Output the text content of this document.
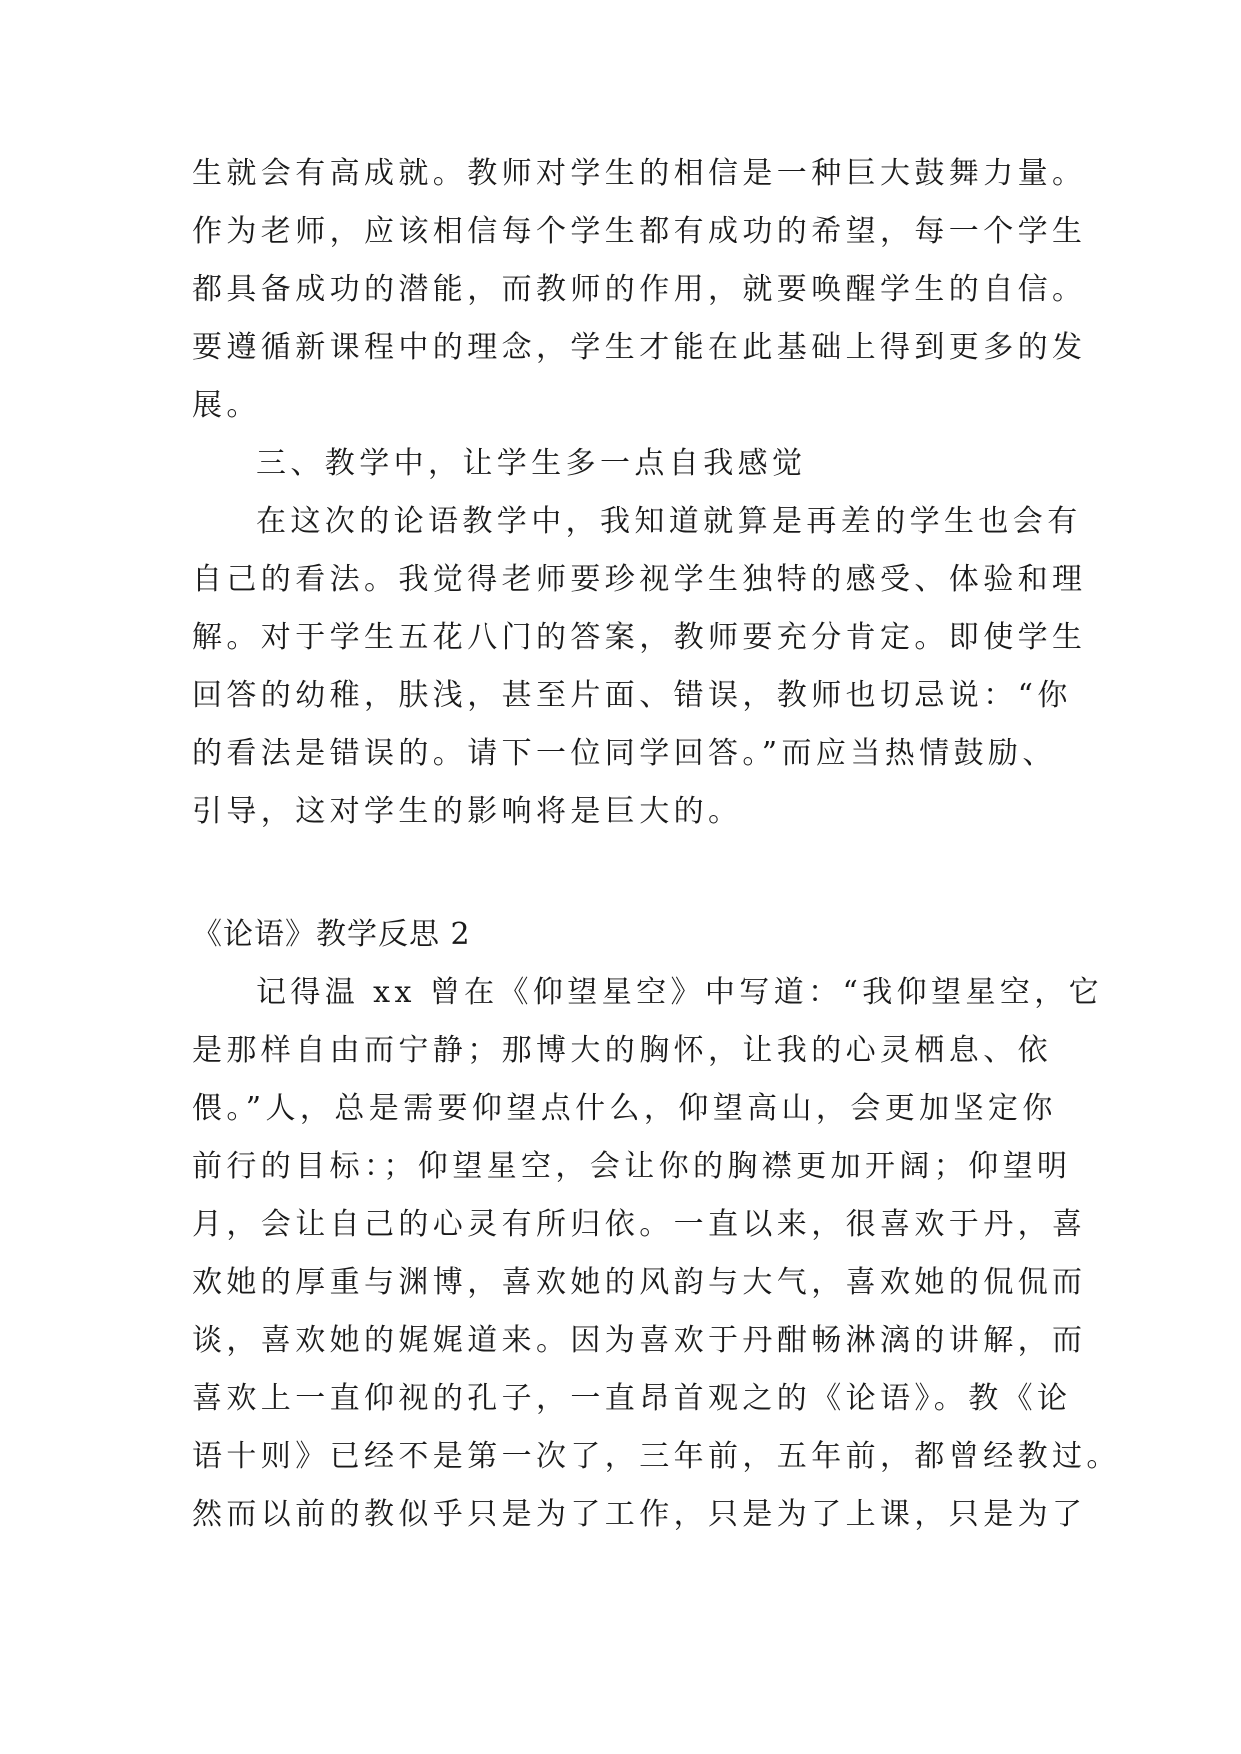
生就会有高成就。教师对学生的相信是一种巨大鼓舞力量。
作为老师，应该相信每个学生都有成功的希望，每一个学生
都具备成功的潜能，而教师的作用，就要唤醒学生的自信。
要遵循新课程中的理念，学生才能在此基础上得到更多的发
展。
三、教学中，让学生多一点自我感觉
在这次的论语教学中，我知道就算是再差的学生也会有
自己的看法。我觉得老师要珍视学生独特的感受、体验和理
解。对于学生五花八门的答案，教师要充分肯定。即使学生
回答的幼稚，肤浅，甚至片面、错误，教师也切忌说：“你
的看法是错误的。请下一位同学回答。”而应当热情鼓励、
引导，这对学生的影响将是巨大的。
《论语》教学反思 2
记得温 xx 曾在《仰望星空》中写道：“我仰望星空，它
是那样自由而宁静；那博大的胸怀，让我的心灵栖息、依
偎。”人，总是需要仰望点什么，仰望高山，会更加坚定你
前行的目标：；仰望星空，会让你的胸襟更加开阔；仰望明
月，会让自己的心灵有所归依。一直以来，很喜欢于丹，喜
欢她的厚重与渊博，喜欢她的风韵与大气，喜欢她的侃侃而
谈，喜欢她的娓娓道来。因为喜欢于丹酣畅淋漓的讲解，而
喜欢上一直仰视的孔子，一直昂首观之的《论语》。教《论
语十则》已经不是第一次了，三年前，五年前，都曾经教过。
然而以前的教似乎只是为了工作，只是为了上课，只是为了
